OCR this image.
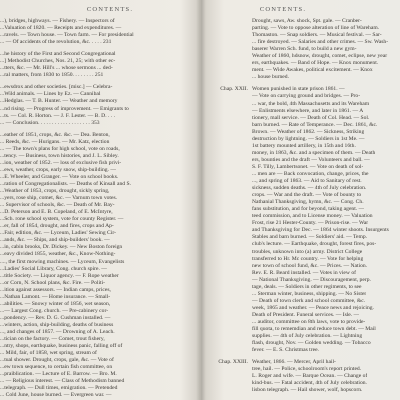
CONTENTS.
...), bridges, highways. — Fishery. — Inspectors of
...Valuation of 1820. — Receipts and expenditures. —
...ravels. — Town house. — Town farm. — For presidential
... — Of accidents of the revolution, &c. . . . . 231
...he history of the First and Second Congregational
...] Methodist Churches, Nos. 21, 25; with other ec-
...tters, &c. — Mr. Hill's ... whose sermons ... ded-
...ral matters, from 1830 to 1850. . . . . . . . 251
...ewsdrox and other societies. [misc.] — Celebra-
...Wild animals. — Lines by Ez. — Cannibal
...Hedglas. — T. B. Hunter. — Weather and memory
...nd rising. — Progress of improvement. — Emigrants to
...ts. — Col. R. Horton. — J. F. Lester. — B. D. . . .
... — Conclusion. . . . . . . . . . . . . . . . . . . 353
...eather of 1851, crops, &c. &c. — Dea. Benton,
... Reeds, &c. — Hurigans. — Mr. Katz, election
... — The town's plans for high school, vote on roads,
...tency. — Business, town histories, and J. L. Sibley.
...ion, weather of 1852. — loss of exclusive fish privi-
...ews, weather, crops, early snow, ship-building. —
...E. Wheeler, and Granger. — Vote on school books.
...ration of Congregationalists. — Deaths of Kinsall and S.
...Weather of 1853, crops, drought, sickly spring,
...yers, rose ship, comet, &c. — Varnum town votes.
... Supervisor of schools, &c. — Death of Mr. Bay-
...D. Peterson and E. B. Copeland, of E. McIntyre,
...Sch. rone school system, vote for county Register. —
...er, fall of 1854, drought, and fires, crops and Ap-
...Fair, edition, &c. — Lyceum, Ladies' Sewing Cir-
...ands, &c. — Ships, and ship-builders' book. —
...in, cabin brooks, Dr. Dickey. — New Boston foreign
...eavy divided 1855, weather, &c., Know-Nothing-
...., the first mowing machines. — Lyceum, Evangelists
...Ladies' Social Library, Cong. church spire. —
...title Society. — Liquor agency. — F. Rope weather
...or Corn, N. School plans, &c. Fire. — Politi-
...ition against assessors. — Indian camps, prices,
...Nathan Lamont. — Home insurance. — Small-
...abilities. — Snowy winter of 1856, wet season,
...— Largest Cong. church. — Pre-cabinery cor-
...pondency. — Rev. D. G. Cushman installed. —
...winters, action, ship-building, deaths of business
..., and changes of 1857. — Drowning of A. Leach.
...tician on the factory. — Comet, trout fishery,
...ntry, shops, earthquake, business panic, falling off of
... Mild, fair, of 1858, wet spring, stream of
...tual shower. Drought, crops, gale, &c. — Vote of
...ew town sequence, to certain fish committee, on
...praiblication. — Lecture of E. Barrow. — Bro. M.
... — Religious interest. — Class of Methodism banned
...telegraph. — Dull times, emigration. — Pretended
... Cold June, house burned. — Evergreen war. —
CONTENTS.
Drought, saws, Aw. shock, Spt. gale. — Cranber-
parting. — Vote to oppose alteration of line of Wareham.
Thomaston. — Snap soldiers. — Musical festival. — Sar-
... fire destroyed. — Salaries and other crimes. — Sw. Wash-
baserer Warren Sch. fund, to build a new gym-
Weather of 1860, hdsnow, drought, comet, eclipse, new year
ers, earthquakes. — Band of Hope. — Knox monument.
ment. — Wide Awakes, political excitement. — Knox
... house burned.
Chap. XXII. Women punished in state prison 1861. —
— Vote on carrying ground and bridges. — Pro-
... war, the bold, 4th Massachusetts and its Wareham
— Enlistments elsewhere, and later in 1861. — A
tionery, mall service. — Death of Col. Head. — Sol.
barn burned. — Rate of Temperance. — Dec. 1861, &c.
Brown. — Weather of 1862. — Sickness, Striking
destruction by lightning. — Soldiers in 1st Me. —
1st battery mounted artillery, in 15th and 16th.
money, in 1863, &c. and a specimen of them. — Death
ers, bounties and the draft — Volunteers and ball. —
S. F. Tilly, Lambertsonet. — Vote on death of sol-
... men are — Back convocation, change, prices, the
..., and spring of 1863. — Aid to Sanitary of rest.
sickness, sudden deaths. — 4th of July celebration.
crops. — War and the draft. — Vote of bounty to
Nathanial Thanksgiving, hymn, &c. — Cong. Ch.
fans substitution, and for beyond, taking agent. —
teed commission, and to License money. — Valuation
Frost, rise 21 Hester-County. — Prison-rise. — War
and Thanksgiving for Dec. — 1864 winter shoots. Insurgents
Stables and barn burned. — Soldiers' aid. — Temp.
club's lecture. — Earthquake, drought, forest fires, pos-
troubles, unknown into (a) army. District College
transferred to Hr. Mc country. — Vote for helping
new town of school fund, &c. — Prices. — Nation.
Rev. E. R. Beard installed. — Votes in view of
— National Thanksgiving. — Discouragement, perp.
tage, deals. — Soldiers in other regiments, to see
... Sterman winter, business, shipping. — No Sister
— Death of town clerk and school committee, &c.
week, 1865 and weather. — Peace news and rejoicing.
Death of President. Funeral services. — Isle. —
... auditor, committee on 8th laws, vote to provide-
fill quota, to rememdian and reduce town debt. — Mail
supplies. — 4th of July celebration. — Lightning
flash, drought, Nov. — Golden wedding. — Tobacco
fever. — E. S. Christmas tree.
Chap. XXIII. Weather, 1866. — Mercer, April hail-
tree, hail. — Police, schoolroom's report printed.
L. Roger and wife. — Barque Ocean. — Change of
kind-bus. — Fatal accident, 4th of July celebration.
lisbon telegraph. — Hail shower, wolf, hopscorn.
